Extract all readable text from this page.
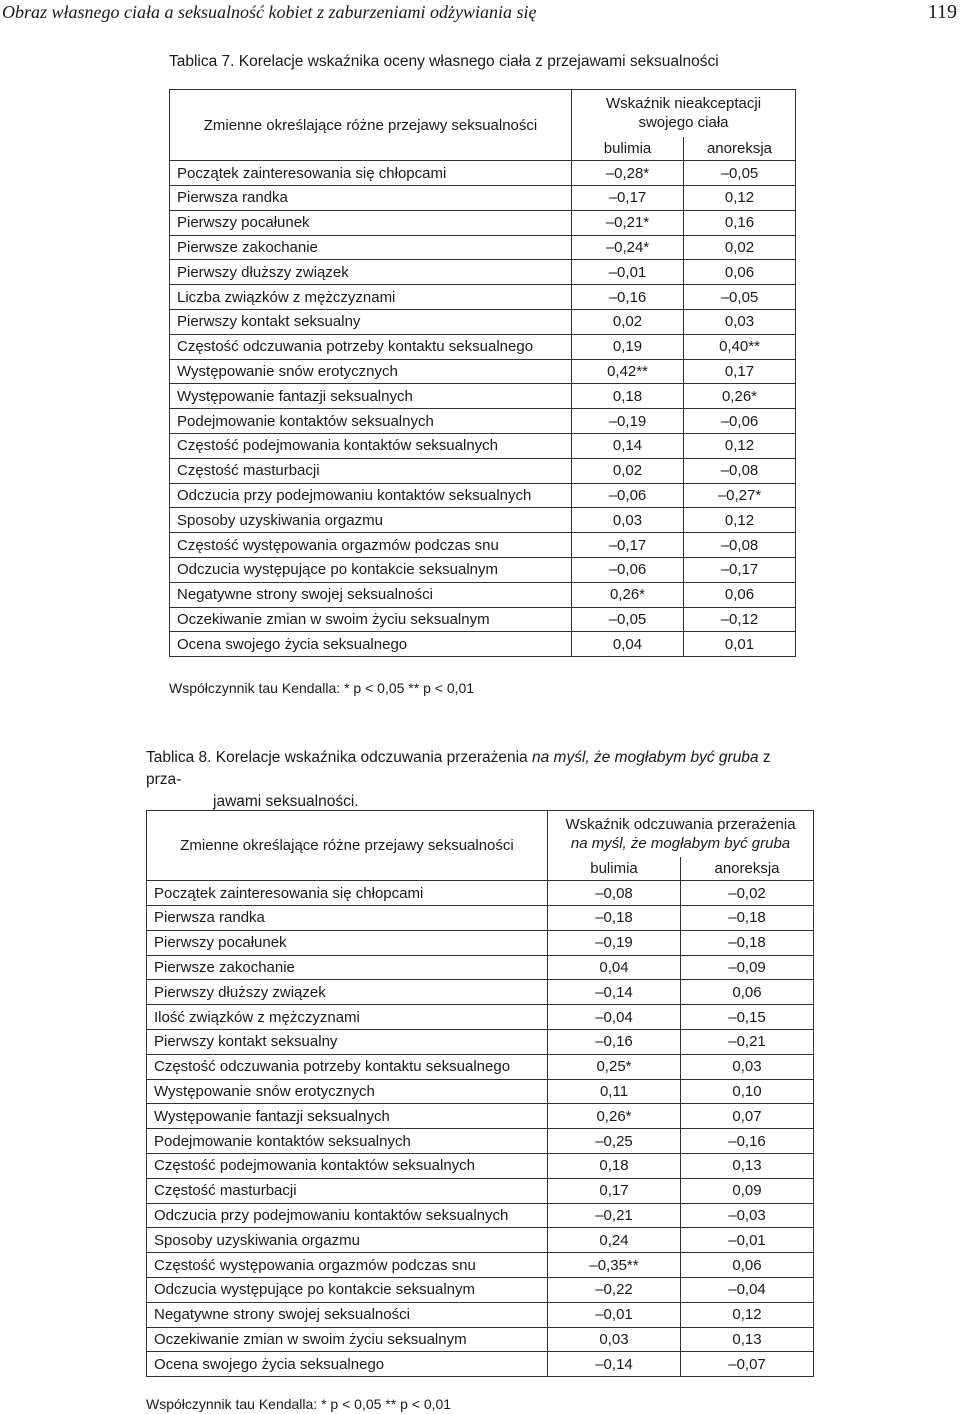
Obraz własnego ciała a seksualność kobiet z zaburzeniami odżywiania się	119
Tablica 7. Korelacje wskaźnika oceny własnego ciała z przejawami seksualności
Zmienne określające różne przejawy seksualności	Wskaźnik nieakceptacji
swojego ciała	

	bulimia	anoreksja
Początek zainteresowania się chłopcami	–0,28*	–0,05
Pierwsza randka	–0,17	0,12
Pierwszy pocałunek	–0,21*	0,16
Pierwsze zakochanie	–0,24*	0,02
Pierwszy dłuższy związek	–0,01	0,06
Liczba związków z mężczyznami	–0,16	–0,05
Pierwszy kontakt seksualny	0,02	0,03
Częstość odczuwania potrzeby kontaktu seksualnego	0,19	0,40**
Występowanie snów erotycznych	0,42**	0,17
Występowanie fantazji seksualnych	0,18	0,26*
Podejmowanie kontaktów seksualnych	–0,19	–0,06
Częstość podejmowania kontaktów seksualnych	0,14	0,12
Częstość masturbacji	0,02	–0,08
Odczucia przy podejmowaniu kontaktów seksualnych	–0,06	–0,27*
Sposoby uzyskiwania orgazmu	0,03	0,12
Częstość występowania orgazmów podczas snu	–0,17	–0,08
Odczucia występujące po kontakcie seksualnym	–0,06	–0,17
Negatywne strony swojej seksualności	0,26*	0,06
Oczekiwanie zmian w swoim życiu seksualnym	–0,05	–0,12
Ocena swojego życia seksualnego	0,04	0,01
Współczynnik tau Kendalla: * p < 0,05 ** p < 0,01
Tablica 8. Korelacje wskaźnika odczuwania przerażenia na myśl, że mogłabym być gruba z prza-
jawami seksualności.
Zmienne określające różne przejawy seksualności	Wskaźnik odczuwania przerażenia
na myśl, że mogłabym być gruba	

	bulimia	anoreksja
Początek zainteresowania się chłopcami	–0,08	–0,02
Pierwsza randka	–0,18	–0,18
Pierwszy pocałunek	–0,19	–0,18
Pierwsze zakochanie	0,04	–0,09
Pierwszy dłuższy związek	–0,14	0,06
Ilość związków z mężczyznami	–0,04	–0,15
Pierwszy kontakt seksualny	–0,16	–0,21
Częstość odczuwania potrzeby kontaktu seksualnego	0,25*	0,03
Występowanie snów erotycznych	0,11	0,10
Występowanie fantazji seksualnych	0,26*	0,07
Podejmowanie kontaktów seksualnych	–0,25	–0,16
Częstość podejmowania kontaktów seksualnych	0,18	0,13
Częstość masturbacji	0,17	0,09
Odczucia przy podejmowaniu kontaktów seksualnych	–0,21	–0,03
Sposoby uzyskiwania orgazmu	0,24	–0,01
Częstość występowania orgazmów podczas snu	–0,35**	0,06
Odczucia występujące po kontakcie seksualnym	–0,22	–0,04
Negatywne strony swojej seksualności	–0,01	0,12
Oczekiwanie zmian w swoim życiu seksualnym	0,03	0,13
Ocena swojego życia seksualnego	–0,14	–0,07
Współczynnik tau Kendalla: * p < 0,05 ** p < 0,01
